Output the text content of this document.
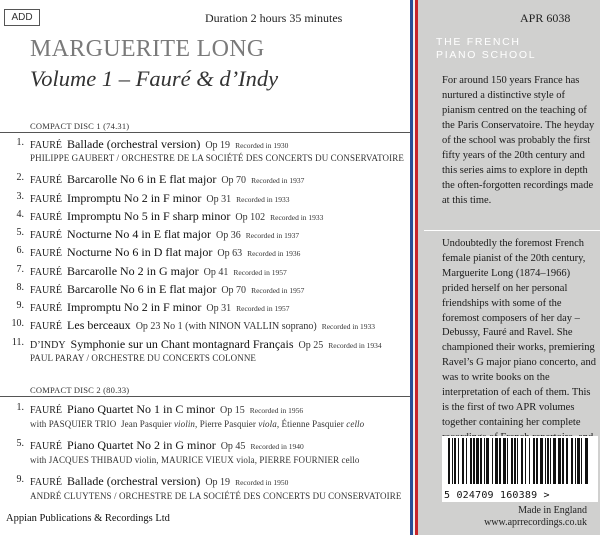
ADD	Duration 2 hours 35 minutes
MARGUERITE LONG
Volume 1 – Fauré & d’Indy
COMPACT DISC 1 (74.31)
1. FAURÉ Ballade (orchestral version) Op 19 Recorded in 1930
PHILIPPE GAUBERT / ORCHESTRE DE LA SOCIÉTÉ DES CONCERTS DU CONSERVATOIRE
2. FAURÉ Barcarolle No 6 in E flat major Op 70 Recorded in 1937
3. FAURÉ Impromptu No 2 in F minor Op 31 Recorded in 1933
4. FAURÉ Impromptu No 5 in F sharp minor Op 102 Recorded in 1933
5. FAURÉ Nocturne No 4 in E flat major Op 36 Recorded in 1937
6. FAURÉ Nocturne No 6 in D flat major Op 63 Recorded in 1936
7. FAURÉ Barcarolle No 2 in G major Op 41 Recorded in 1957
8. FAURÉ Barcarolle No 6 in E flat major Op 70 Recorded in 1957
9. FAURÉ Impromptu No 2 in F minor Op 31 Recorded in 1957
10. FAURÉ Les berceaux Op 23 No 1 (with NINON VALLIN soprano) Recorded in 1933
11. D’INDY Symphonie sur un Chant montagnard Français Op 25 Recorded in 1934
PAUL PARAY / ORCHESTRE DU CONCERTS COLONNE
COMPACT DISC 2 (80.33)
1. FAURÉ Piano Quartet No 1 in C minor Op 15 Recorded in 1956
with PASQUIER TRIO Jean Pasquier violin, Pierre Pasquier viola, Étienne Pasquier cello
5. FAURÉ Piano Quartet No 2 in G minor Op 45 Recorded in 1940
with JACQUES THIBAUD violin, MAURICE VIEUX viola, PIERRE FOURNIER cello
9. FAURÉ Ballade (orchestral version) Op 19 Recorded in 1950
ANDRÉ CLUYTENS / ORCHESTRE DE LA SOCIÉTÉ DES CONCERTS DU CONSERVATOIRE
Appian Publications & Recordings Ltd
APR 6038
THE FRENCH
PIANO SCHOOL
For around 150 years France has nurtured a distinctive style of pianism centred on the teaching of the Paris Conservatoire. The heyday of the school was probably the first fifty years of the 20th century and this series aims to explore in depth the often-forgotten recordings made at this time.
Undoubtedly the foremost French female pianist of the 20th century, Marguerite Long (1874–1966) prided herself on her personal friendships with some of the foremost composers of her day – Debussy, Fauré and Ravel. She championed their works, premiering Ravel’s G major piano concerto, and was to write books on the interpretation of each of them. This is the first of two APR volumes together containing her complete
5 024709 160389 >
Made in England
www.aprrecordings.co.uk
